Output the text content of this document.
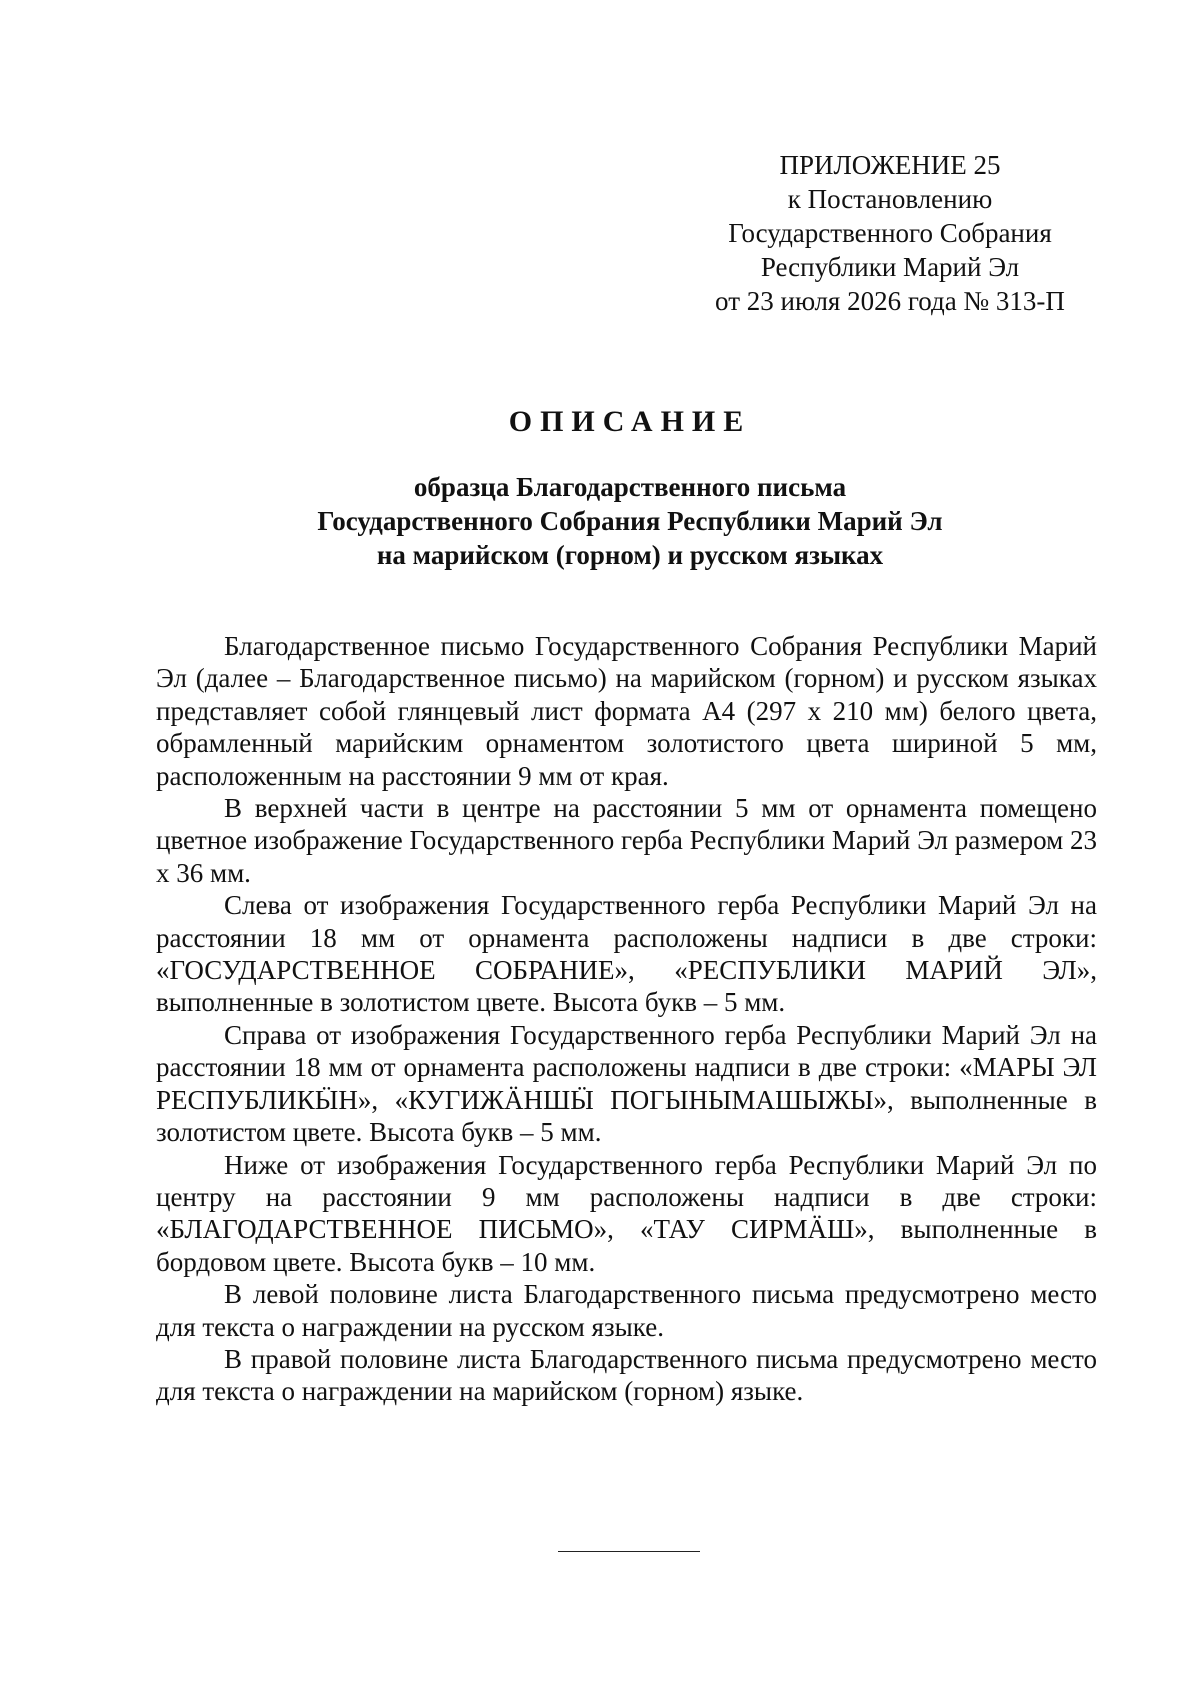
ПРИЛОЖЕНИЕ 25
к Постановлению
Государственного Собрания
Республики Марий Эл
от 23 июля 2026 года № 313-П
ОПИСАНИЕ
образца Благодарственного письма
Государственного Собрания Республики Марий Эл
на марийском (горном) и русском языках

Благодарственное письмо Государственного Собрания Республики Марий Эл (далее – Благодарственное письмо) на марийском (горном) и русском языках представляет собой глянцевый лист формата А4 (297 х 210 мм) белого цвета, обрамленный марийским орнаментом золотистого цвета шириной 5 мм, расположенным на расстоянии 9 мм от края.

В верхней части в центре на расстоянии 5 мм от орнамента помещено цветное изображение Государственного герба Республики Марий Эл размером 23 х 36 мм.

Слева от изображения Государственного герба Республики Марий Эл на расстоянии 18 мм от орнамента расположены надписи в две строки: «ГОСУДАРСТВЕННОЕ СОБРАНИЕ», «РЕСПУБЛИКИ МАРИЙ ЭЛ», выполненные в золотистом цвете. Высота букв – 5 мм.

Справа от изображения Государственного герба Республики Марий Эл на расстоянии 18 мм от орнамента расположены надписи в две строки: «МАРЫ ЭЛ РЕСПУБЛИКӸН», «КУГИЖӒНШӸ ПОГЫНЫМАШЫЖЫ», выполненные в золотистом цвете. Высота букв – 5 мм.

Ниже от изображения Государственного герба Республики Марий Эл по центру на расстоянии 9 мм расположены надписи в две строки: «БЛАГОДАРСТВЕННОЕ ПИСЬМО», «ТАУ СИРМӒШ», выполненные в бордовом цвете. Высота букв – 10 мм.

В левой половине листа Благодарственного письма предусмотрено место для текста о награждении на русском языке.

В правой половине листа Благодарственного письма предусмотрено место для текста о награждении на марийском (горном) языке.
